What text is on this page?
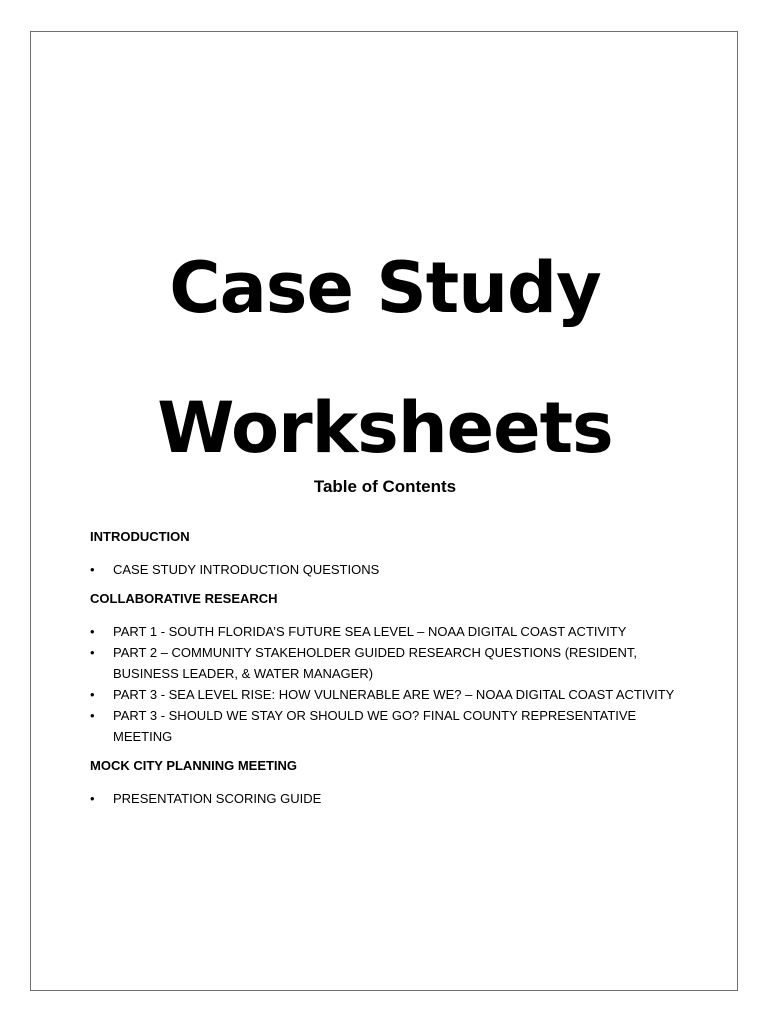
Case Study
Worksheets
Table of Contents
INTRODUCTION
• CASE STUDY INTRODUCTION QUESTIONS
COLLABORATIVE RESEARCH
• PART 1 - SOUTH FLORIDA’S FUTURE SEA LEVEL – NOAA DIGITAL COAST ACTIVITY
• PART 2 – COMMUNITY STAKEHOLDER GUIDED RESEARCH QUESTIONS (RESIDENT, BUSINESS LEADER, & WATER MANAGER)
• PART 3 - SEA LEVEL RISE: HOW VULNERABLE ARE WE? – NOAA DIGITAL COAST ACTIVITY
• PART 3 - SHOULD WE STAY OR SHOULD WE GO? FINAL COUNTY REPRESENTATIVE MEETING
MOCK CITY PLANNING MEETING
• PRESENTATION SCORING GUIDE
